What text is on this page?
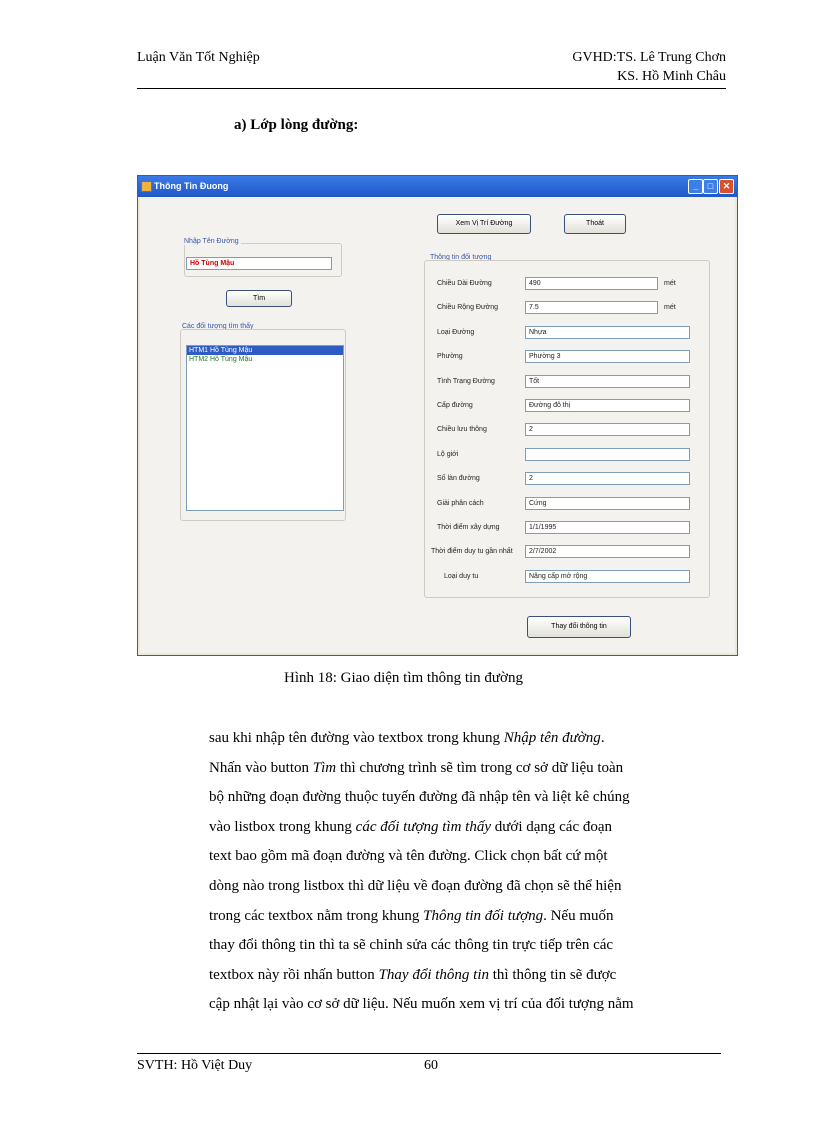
Luận Văn Tốt Nghiệp	GVHD:TS. Lê Trung Chơn
KS. Hồ Minh Châu
a) Lớp lòng đường:
Thông Tin Đuong	_	□	✕
Nhập Tên Đường
Hồ Tùng Mậu
Tìm
Các đối tượng tìm thấy
HTM1 Hồ Tùng Mậu
HTM2 Hồ Tùng Mậu
Xem Vị Trí Đường	Thoát
Thông tin đối tượng
Chiều Dài Đường	490	mét
Chiều Rộng Đường	7.5	mét
Loại Đường	Nhựa
Phường	Phường 3
Tình Trạng Đường	Tốt
Cấp đường	Đường đô thị
Chiều lưu thông	2
Lộ giới
Số làn đường	2
Giải phân cách	Cứng
Thời điểm xây dựng	1/1/1995
Thời điểm duy tu gần nhất	2/7/2002
Loại duy tu	Nâng cấp mở rộng
Thay đổi thông tin
Hình 18: Giao diện tìm thông tin đường
sau khi nhập tên đường vào textbox trong khung Nhập tên đường.
Nhấn vào button Tìm thì chương trình sẽ tìm trong cơ sở dữ liệu toàn
bộ những đoạn đường thuộc tuyến đường đã nhập tên và liệt kê chúng
vào listbox trong khung các đối tượng tìm thấy dưới dạng các đoạn
text bao gồm mã đoạn đường và tên đường. Click chọn bất cứ một
dòng nào trong listbox thì dữ liệu về đoạn đường đã chọn sẽ thể hiện
trong các textbox nằm trong khung Thông tin đối tượng. Nếu muốn
thay đổi thông tin thì ta sẽ chỉnh sửa các thông tin trực tiếp trên các
textbox này rồi nhấn button Thay đổi thông tin thì thông tin sẽ được
cập nhật lại vào cơ sở dữ liệu. Nếu muốn xem vị trí của đối tượng nằm
SVTH: Hồ Việt Duy	60
